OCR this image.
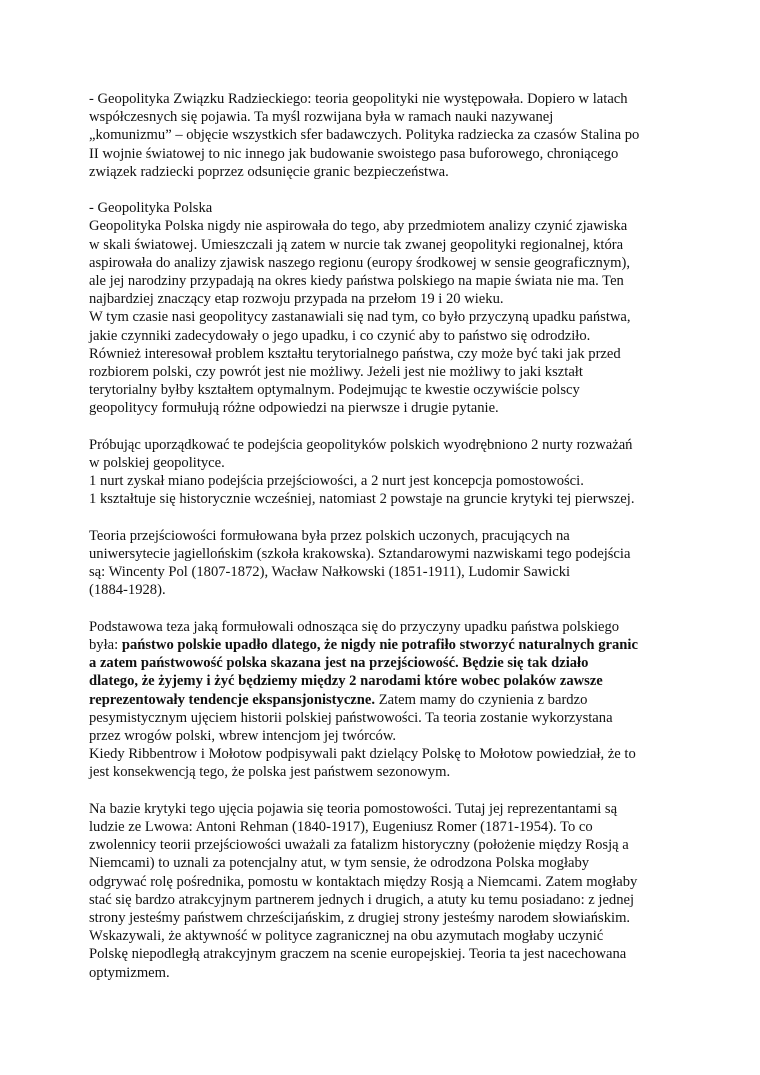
- Geopolityka Związku Radzieckiego: teoria geopolityki nie występowała. Dopiero w latach
współczesnych się pojawia. Ta myśl rozwijana była w ramach nauki nazywanej
„komunizmu” – objęcie wszystkich sfer badawczych. Polityka radziecka za czasów Stalina po
II wojnie światowej to nic innego jak budowanie swoistego pasa buforowego, chroniącego
związek radziecki poprzez odsunięcie granic bezpieczeństwa.

- Geopolityka Polska
Geopolityka Polska nigdy nie aspirowała do tego, aby przedmiotem analizy czynić zjawiska
w skali światowej. Umieszczali ją zatem w nurcie tak zwanej geopolityki regionalnej, która
aspirowała do analizy zjawisk naszego regionu (europy środkowej w sensie geograficznym),
ale jej narodziny przypadają na okres kiedy państwa polskiego na mapie świata nie ma. Ten
najbardziej znaczący etap rozwoju przypada na przełom 19 i 20 wieku.
W tym czasie nasi geopolitycy zastanawiali się nad tym, co było przyczyną upadku państwa,
jakie czynniki zadecydowały o jego upadku, i co czynić aby to państwo się odrodziło.
Również interesował problem kształtu terytorialnego państwa, czy może być taki jak przed
rozbiorem polski, czy powrót jest nie możliwy. Jeżeli jest nie możliwy to jaki kształt
terytorialny byłby kształtem optymalnym. Podejmując te kwestie oczywiście polscy
geopolitycy formułują różne odpowiedzi na pierwsze i drugie pytanie.

Próbując uporządkować te podejścia geopolityków polskich wyodrębniono 2 nurty rozważań
w polskiej geopolityce.
1 nurt zyskał miano podejścia przejściowości, a 2 nurt jest koncepcja pomostowości.
1 kształtuje się historycznie wcześniej, natomiast 2 powstaje na gruncie krytyki tej pierwszej.

Teoria przejściowości formułowana była przez polskich uczonych, pracujących na
uniwersytecie jagiellońskim (szkoła krakowska). Sztandarowymi nazwiskami tego podejścia
są: Wincenty Pol (1807-1872), Wacław Nałkowski (1851-1911), Ludomir Sawicki
(1884-1928).

Podstawowa teza jaką formułowali odnosząca się do przyczyny upadku państwa polskiego
była: państwo polskie upadło dlatego, że nigdy nie potrafiło stworzyć naturalnych granic
a zatem państwowość polska skazana jest na przejściowość. Będzie się tak działo
dlatego, że żyjemy i żyć będziemy między 2 narodami które wobec polaków zawsze
reprezentowały tendencje ekspansjonistyczne. Zatem mamy do czynienia z bardzo
pesymistycznym ujęciem historii polskiej państwowości. Ta teoria zostanie wykorzystana
przez wrogów polski, wbrew intencjom jej twórców.
Kiedy Ribbentrow i Mołotow podpisywali pakt dzielący Polskę to Mołotow powiedział, że to
jest konsekwencją tego, że polska jest państwem sezonowym.

Na bazie krytyki tego ujęcia pojawia się teoria pomostowości. Tutaj jej reprezentantami są
ludzie ze Lwowa: Antoni Rehman (1840-1917), Eugeniusz Romer (1871-1954). To co
zwolennicy teorii przejściowości uważali za fatalizm historyczny (położenie między Rosją a
Niemcami) to uznali za potencjalny atut, w tym sensie, że odrodzona Polska mogłaby
odgrywać rolę pośrednika, pomostu w kontaktach między Rosją a Niemcami. Zatem mogłaby
stać się bardzo atrakcyjnym partnerem jednych i drugich, a atuty ku temu posiadano: z jednej
strony jesteśmy państwem chrześcijańskim, z drugiej strony jesteśmy narodem słowiańskim.
Wskazywali, że aktywność w polityce zagranicznej na obu azymutach mogłaby uczynić
Polskę niepodległą atrakcyjnym graczem na scenie europejskiej. Teoria ta jest nacechowana
optymizmem.
